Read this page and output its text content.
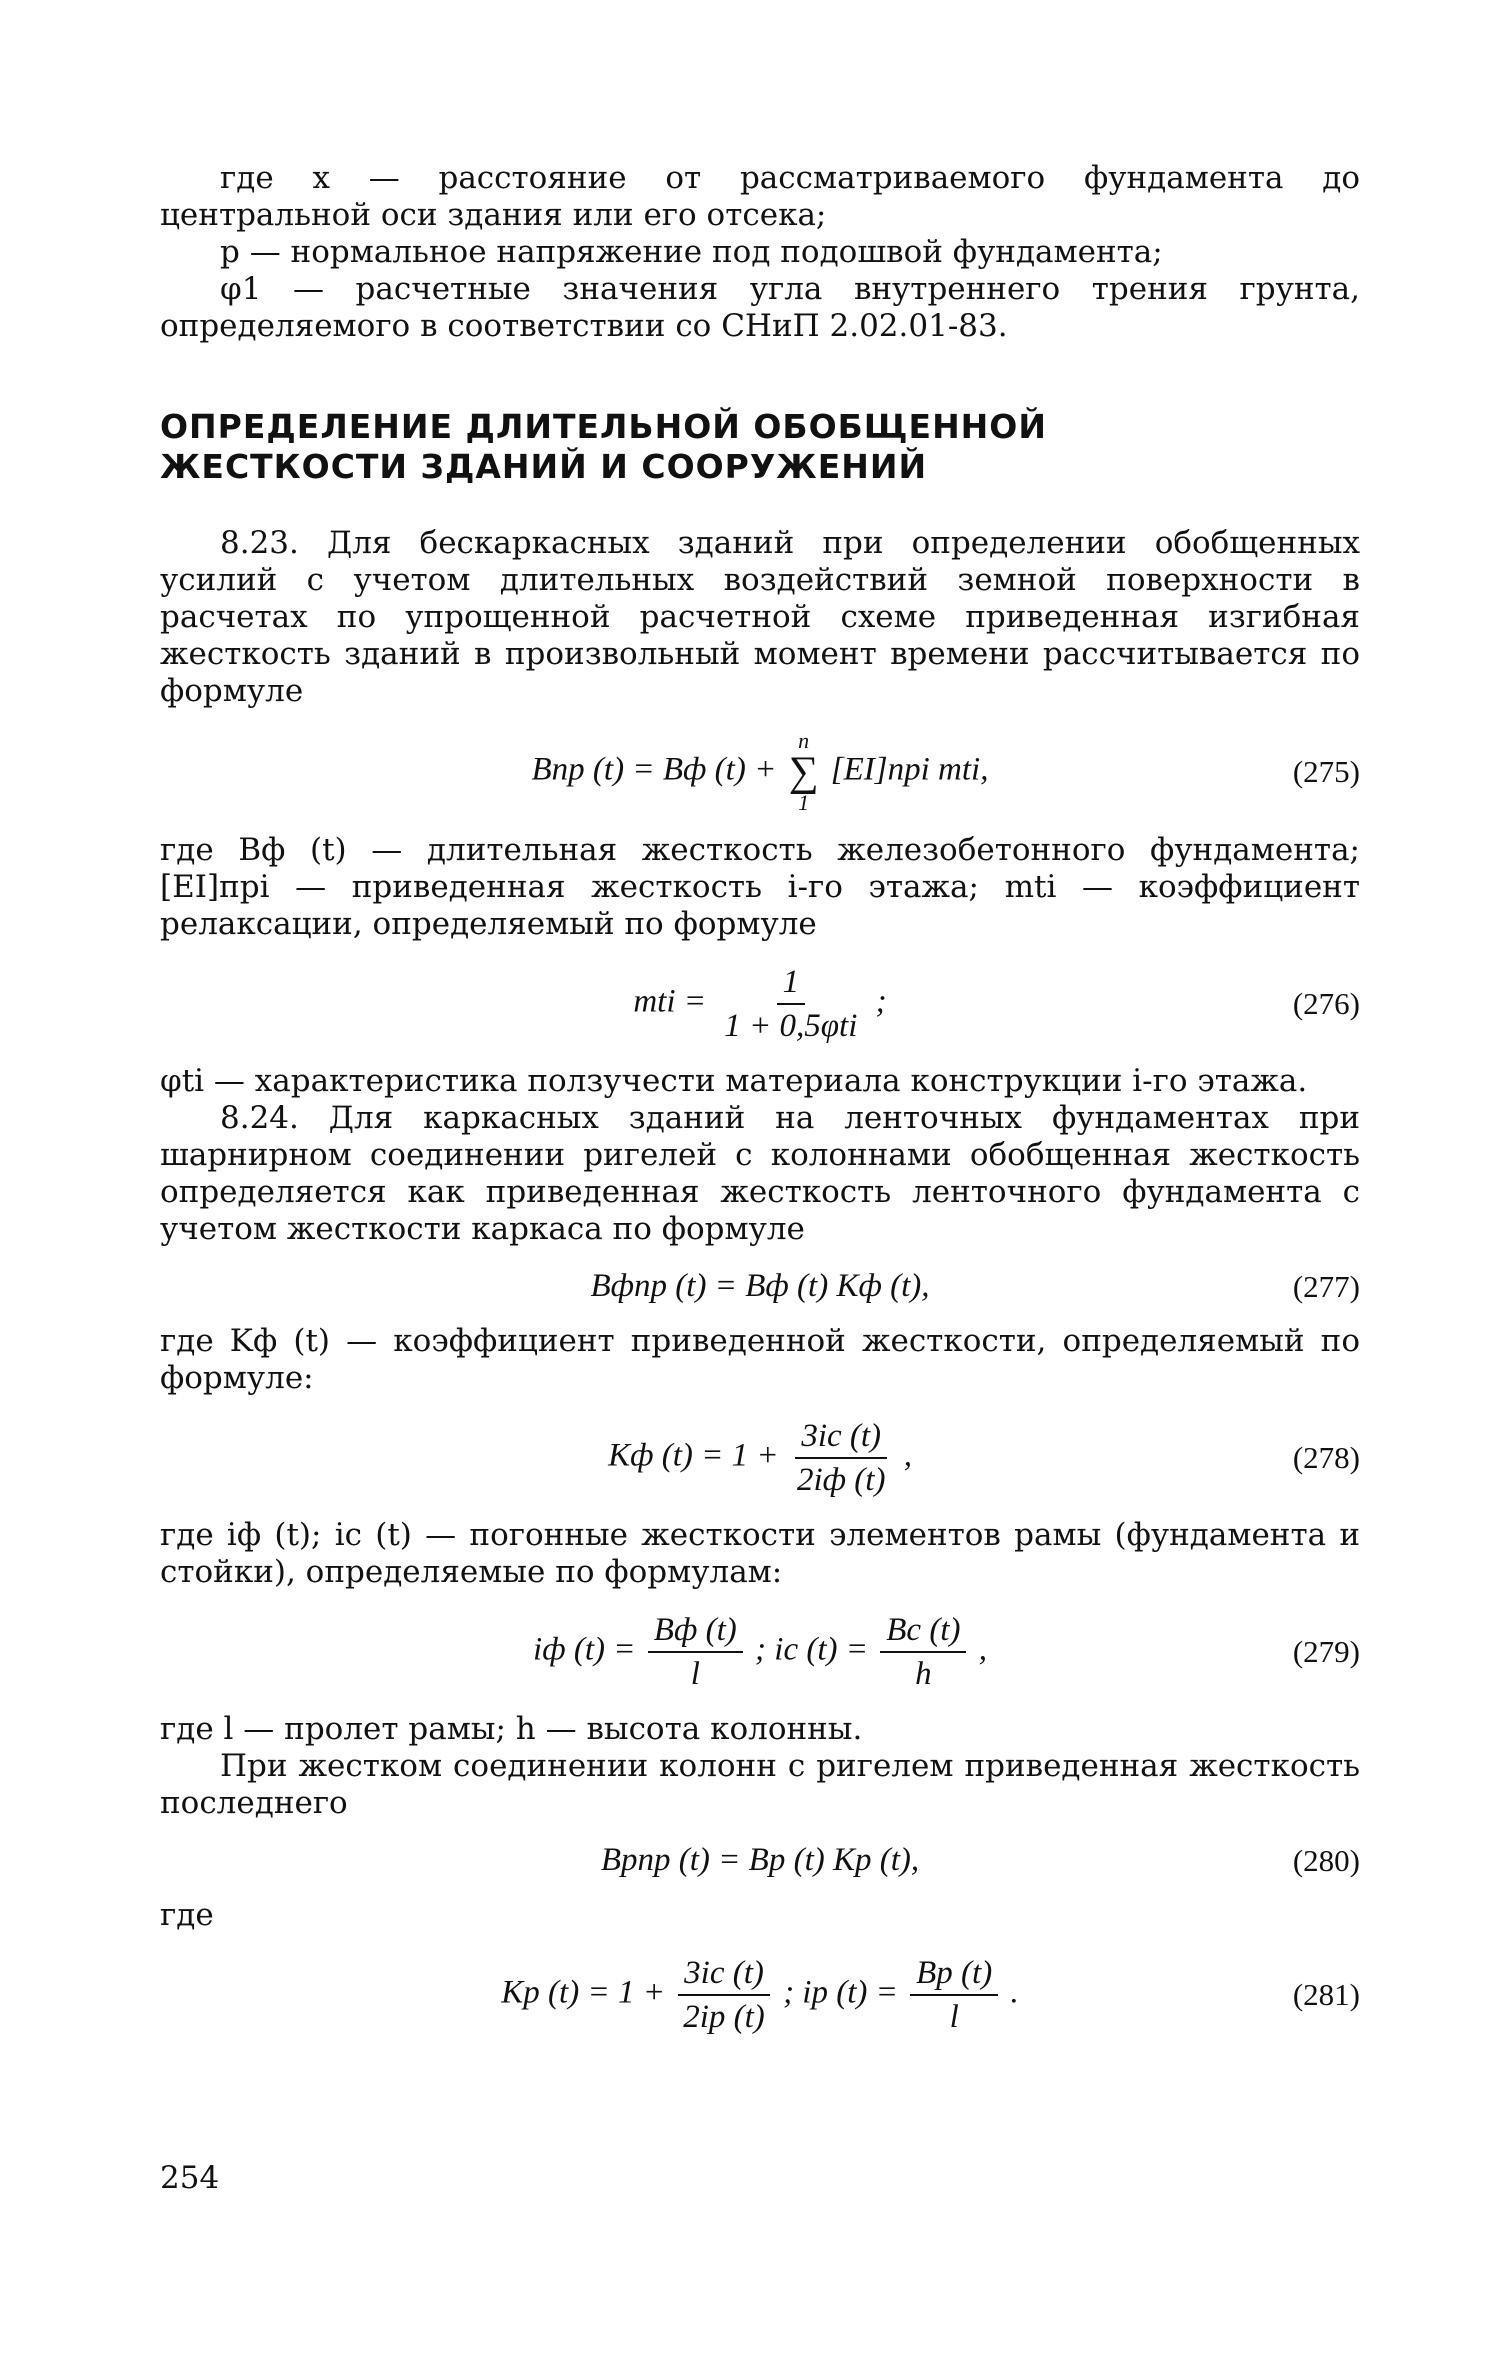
где x — расстояние от рассматриваемого фундамента до центральной оси здания или его отсека;

p — нормальное напряжение под подошвой фундамента;

φ1 — расчетные значения угла внутреннего трения грунта, определяемого в соответствии со СНиП 2.02.01-83.

ОПРЕДЕЛЕНИЕ ДЛИТЕЛЬНОЙ ОБОБЩЕННОЙ
ЖЕСТКОСТИ ЗДАНИЙ И СООРУЖЕНИЙ

8.23. Для бескаркасных зданий при определении обобщенных усилий с учетом длительных воздействий земной поверхности в расчетах по упрощенной расчетной схеме приведенная изгибная жесткость зданий в произвольный момент времени рассчитывается по формуле

Bпр (t) = Bф (t) +
n
∑
1
[EI]прi mti,	(275)

где Bф (t) — длительная жесткость железобетонного фундамента; [EI]прi — приведенная жесткость i-го этажа; mti — коэффициент релаксации, определяемый по формуле

mti = $\frac{1}{\text{1 + 0,5φti}}$ ;	(276)

φti — характеристика ползучести материала конструкции i-го этажа.

8.24. Для каркасных зданий на ленточных фундаментах при шарнирном соединении ригелей с колоннами обобщенная жесткость определяется как приведенная жесткость ленточного фундамента с учетом жесткости каркаса по формуле

Bфпр (t) = Bф (t) Kф (t),	(277)

где Kф (t) — коэффициент приведенной жесткости, определяемый по формуле:

Kф $(t) = 1 + \frac{3ic (t)}{2iф (t)}$ ,	(278)

где iф (t); ic (t) — погонные жесткости элементов рамы (фундамента и стойки), определяемые по формулам:

iф $(t) = \frac{Bф (t)}{l}$ ; ic $(t) = \frac{Bc (t)}{h}$ ,	(279)

где l — пролет рамы; h — высота колонны.

При жестком соединении колонн с ригелем приведенная жесткость последнего

Bрпр (t) = Bр (t) Kр (t),	(280)

где

Kр $(t) = 1 + \frac{3ic (t)}{2iр (t)}$ ; iр $(t) = \frac{Bр (t)}{l}$ .	(281)
254
